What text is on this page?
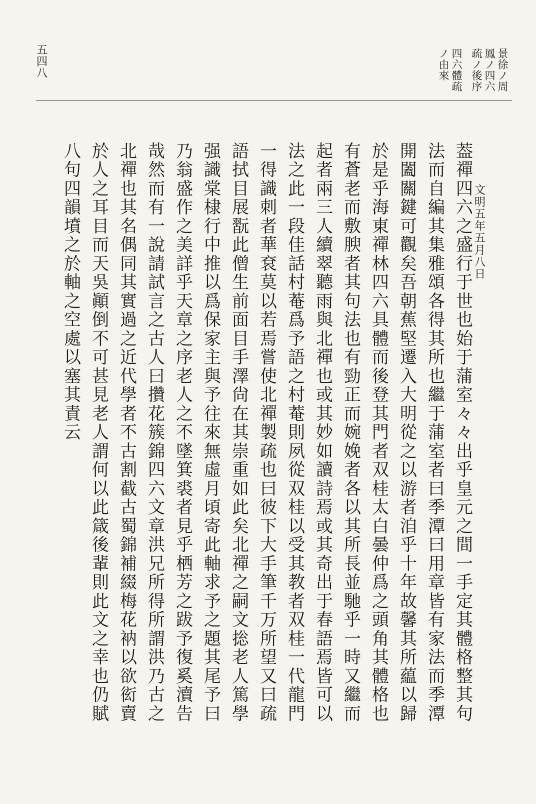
景徐ノ周
鳳ノ四六
疏ノ後序
四六體疏
ノ由來
文明五年五月八日
葢禪四六之盛行于世也始于蒲室々々出乎皇元之間一手定其體格整其句
法而自編其集雅頌各得其所也繼于蒲室者曰季潭曰用章皆有家法而季潭
開闔關鍵可觀矣吾朝蕉堅遷入大明從之以游者洎乎十年故馨其所藴以歸
於是乎海東禪林四六具體而後登其門者双桂太白曇仲爲之頭角其體格也
有蒼老而敷腴者其句法也有勁正而婉娩者各以其所長並馳乎一時又繼而
起者兩三人續翠聽雨與北禪也或其妙如讀詩焉或其奇出于春語焉皆可以
法之此一段佳話村菴爲予語之村菴則夙從双桂以受其教者双桂一代龍門
一得識刺者華袞莫以若焉嘗使北禪製疏也曰彼下大手筆千万所望又曰疏
語拭目展翫此僧生前面目手澤尙在其崇重如此矣北禪之嗣文捴老人篤學
强識棠棣行中推以爲保家主與予往來無虛月頃寄此軸求予之題其尾予曰
乃翁盛作之美詳乎天章之序老人之不墜箕裘者見乎栖芳之跋予復奚瀆告
哉然而有一說請試言之古人曰攢花簇錦四六文章洪兄所得所謂洪乃古之
北禪也其名偶同其實過之近代學者不古割截古蜀錦補綴梅花衲以欲衒賣
於人之耳目而天吳顚倒不可甚見老人謂何以此箴後輩則此文之幸也仍賦
八句四韻墳之於軸之空處以塞其責云
五四八
